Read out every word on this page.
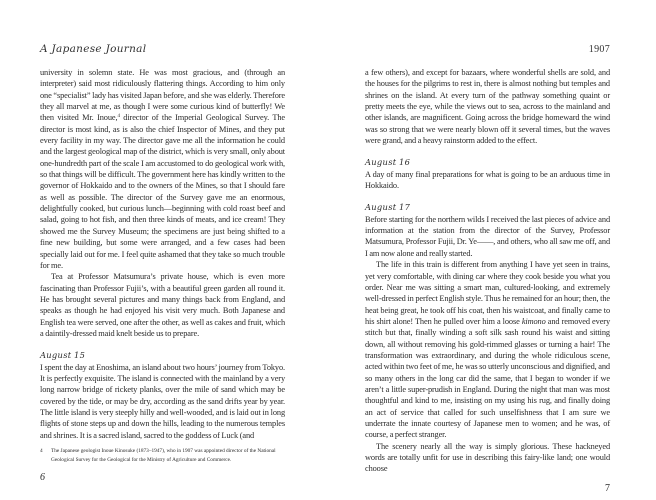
A Japanese Journal

university in solemn state. He was most gracious, and (through an interpreter) said most ridiculously flattering things. According to him only one “specialist” lady has visited Japan before, and she was elderly. Therefore they all marvel at me, as though I were some curious kind of butterfly! We then visited Mr. Inoue,$^4$ director of the Imperial Geological Survey. The director is most kind, as is also the chief Inspector of Mines, and they put every facility in my way. The director gave me all the information he could and the largest geological map of the district, which is very small, only about one-hundredth part of the scale I am accustomed to do geological work with, so that things will be difficult. The government here has kindly written to the governor of Hokkaido and to the owners of the Mines, so that I should fare as well as possible. The director of the Survey gave me an enormous, delightfully cooked, but curious lunch—beginning with cold roast beef and salad, going to hot fish, and then three kinds of meats, and ice cream! They showed me the Survey Museum; the specimens are just being shifted to a fine new building, but some were arranged, and a few cases had been specially laid out for me. I feel quite ashamed that they take so much trouble for me.

Tea at Professor Matsumura’s private house, which is even more fascinating than Professor Fujii’s, with a beautiful green garden all round it. He has brought several pictures and many things back from England, and speaks as though he had enjoyed his visit very much. Both Japanese and English tea were served, one after the other, as well as cakes and fruit, which a daintily-dressed maid knelt beside us to prepare.

August 15

I spent the day at Enoshima, an island about two hours’ journey from Tokyo. It is perfectly exquisite. The island is connected with the mainland by a very long narrow bridge of rickety planks, over the mile of sand which may be covered by the tide, or may be dry, according as the sand drifts year by year. The little island is very steeply hilly and well-wooded, and is laid out in long flights of stone steps up and down the hills, leading to the numerous temples and shrines. It is a sacred island, sacred to the goddess of Luck (and

4	The Japanese geologist Inoue Kinosuke (1873–1947), who in 1907 was appointed director of the National Geological Survey for the Geological for the Ministry of Agriculture and Commerce.
6
1907

a few others), and except for bazaars, where wonderful shells are sold, and the houses for the pilgrims to rest in, there is almost nothing but temples and shrines on the island. At every turn of the pathway something quaint or pretty meets the eye, while the views out to sea, across to the mainland and other islands, are magnificent. Going across the bridge homeward the wind was so strong that we were nearly blown off it several times, but the waves were grand, and a heavy rainstorm added to the effect.

August 16

A day of many final preparations for what is going to be an arduous time in Hokkaido.

August 17

Before starting for the northern wilds I received the last pieces of advice and information at the station from the director of the Survey, Professor Matsumura, Professor Fujii, Dr. Ye——, and others, who all saw me off, and I am now alone and really started.

The life in this train is different from anything I have yet seen in trains, yet very comfortable, with dining car where they cook beside you what you order. Near me was sitting a smart man, cultured-looking, and extremely well-dressed in perfect English style. Thus he remained for an hour; then, the heat being great, he took off his coat, then his waistcoat, and finally came to his shirt alone! Then he pulled over him a loose kimono and removed every stitch but that, finally winding a soft silk sash round his waist and sitting down, all without removing his gold-rimmed glasses or turning a hair! The transformation was extraordinary, and during the whole ridiculous scene, acted within two feet of me, he was so utterly unconscious and dignified, and so many others in the long car did the same, that I began to wonder if we aren’t a little super-prudish in England. During the night that man was most thoughtful and kind to me, insisting on my using his rug, and finally doing an act of service that called for such unselfishness that I am sure we underrate the innate courtesy of Japanese men to women; and he was, of course, a perfect stranger.

The scenery nearly all the way is simply glorious. These hackneyed words are totally unfit for use in describing this fairy-like land; one would choose

7
